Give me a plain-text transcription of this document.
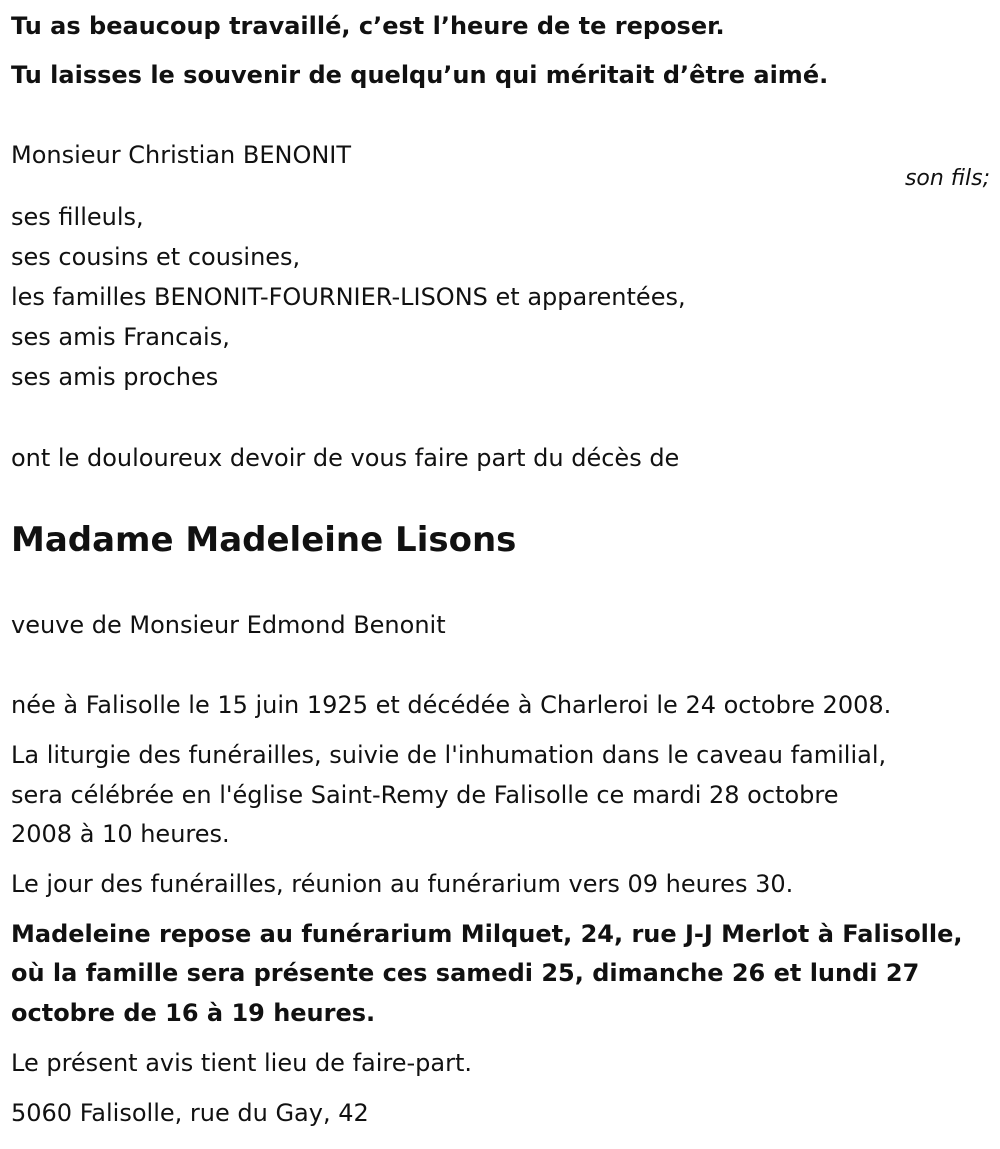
Tu as beaucoup travaillé, c’est l’heure de te reposer.

Tu laisses le souvenir de quelqu’un qui méritait d’être aimé.

Monsieur Christian BENONIT

son fils;

ses filleuls,

ses cousins et cousines,

les familles BENONIT-FOURNIER-LISONS et apparentées,

ses amis Francais,

ses amis proches

ont le douloureux devoir de vous faire part du décès de

Madame Madeleine Lisons

veuve de Monsieur Edmond Benonit

née à Falisolle le 15 juin 1925 et décédée à Charleroi le 24 octobre 2008.

La liturgie des funérailles, suivie de l'inhumation dans le caveau familial,

sera célébrée en l'église Saint-Remy de Falisolle ce mardi 28 octobre

2008 à 10 heures.

Le jour des funérailles, réunion au funérarium vers 09 heures 30.

Madeleine repose au funérarium Milquet, 24, rue J-J Merlot à Falisolle,

où la famille sera présente ces samedi 25, dimanche 26 et lundi 27

octobre de 16 à 19 heures.

Le présent avis tient lieu de faire-part.

5060 Falisolle, rue du Gay, 42
